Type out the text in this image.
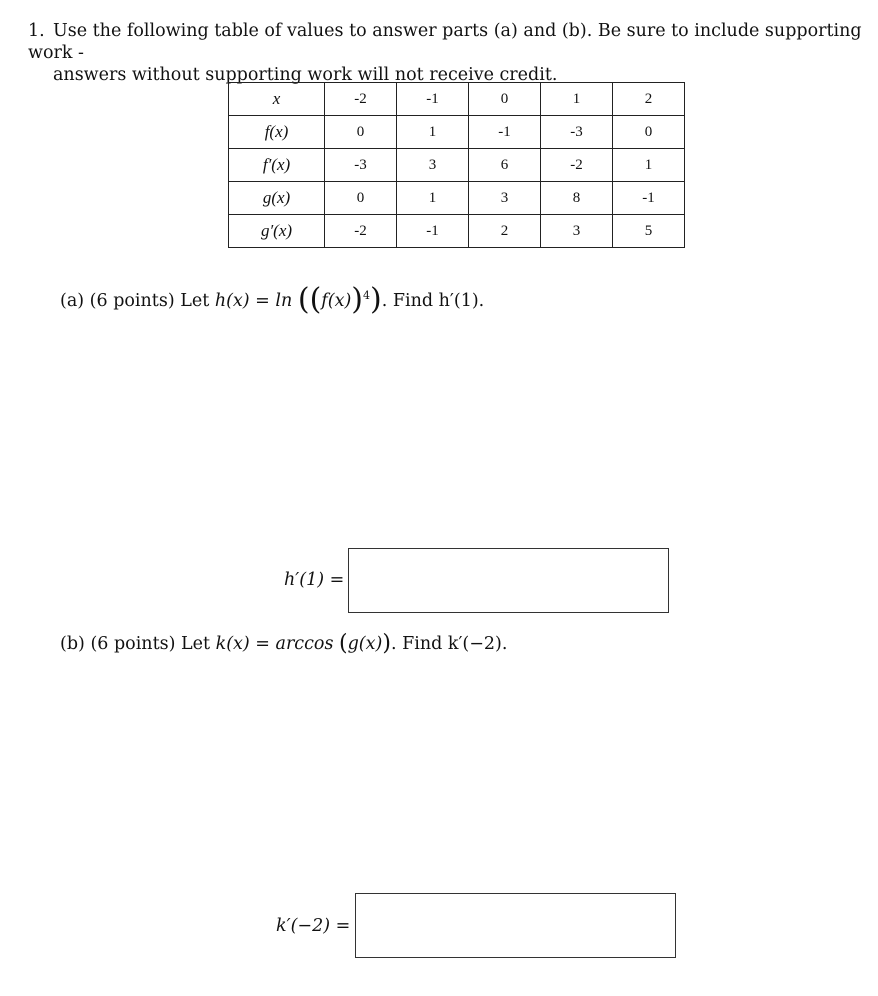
1. Use the following table of values to answer parts (a) and (b). Be sure to include supporting work -
answers without supporting work will not receive credit.
x	-2	-1	0	1	2
f(x)	0	1	-1	-3	0
f′(x)	-3	3	6	-2	1
g(x)	0	1	3	8	-1
g′(x)	-2	-1	2	3	5
(a) (6 points) Let $h(x) = \ln ((f(x))^4)$. Find h′(1).
h′(1) =
(b) (6 points) Let k(x) = arccos (g(x)). Find k′(−2).
k′(−2) =
